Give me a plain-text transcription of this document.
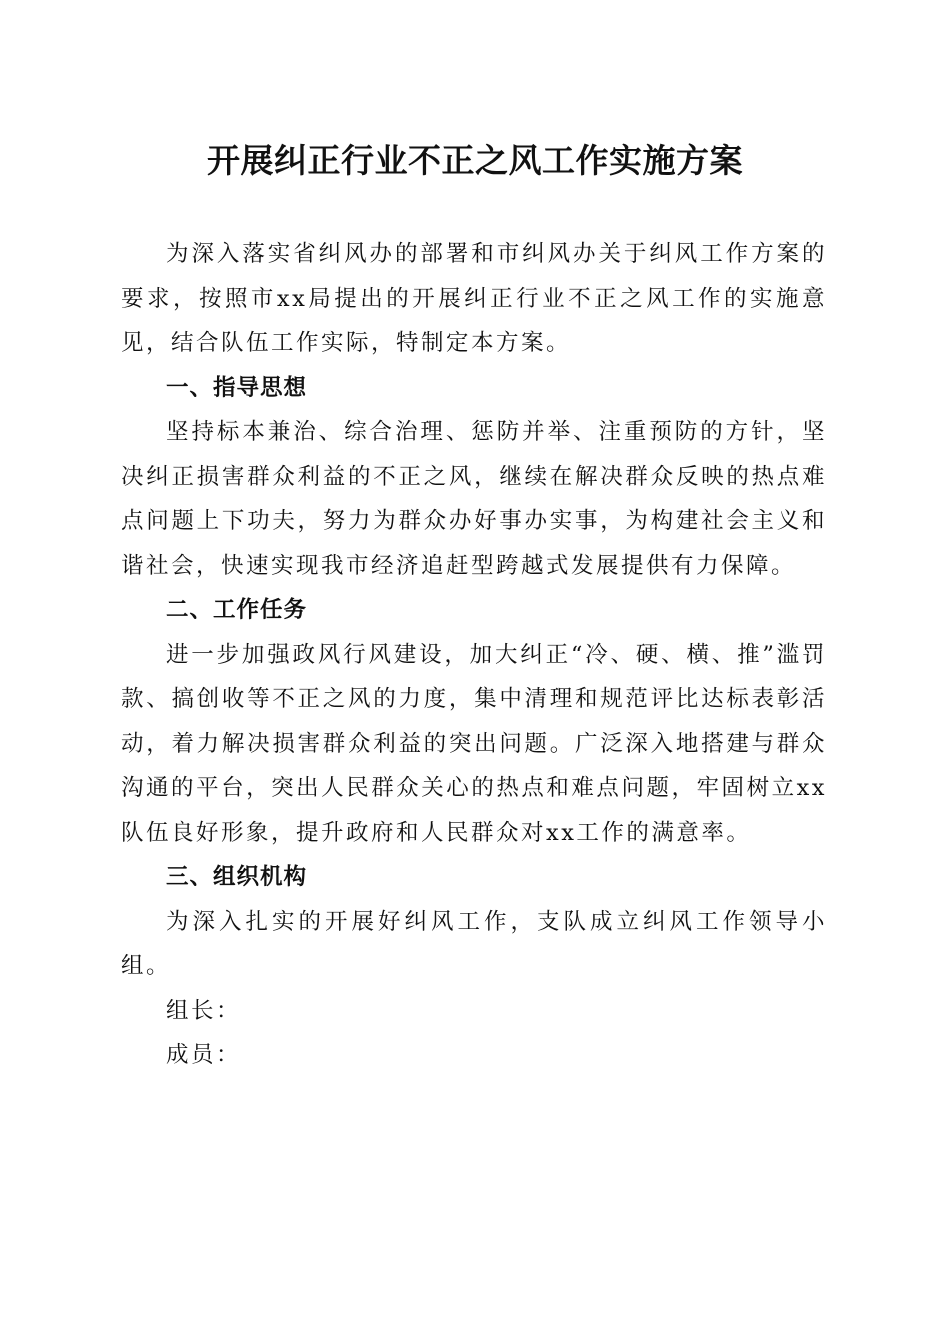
开展纠正行业不正之风工作实施方案

为深入落实省纠风办的部署和市纠风办关于纠风工作方案的要求，按照市xx局提出的开展纠正行业不正之风工作的实施意见，结合队伍工作实际，特制定本方案。

一、指导思想

坚持标本兼治、综合治理、惩防并举、注重预防的方针，坚决纠正损害群众利益的不正之风，继续在解决群众反映的热点难点问题上下功夫，努力为群众办好事办实事，为构建社会主义和谐社会，快速实现我市经济追赶型跨越式发展提供有力保障。

二、工作任务

进一步加强政风行风建设，加大纠正“冷、硬、横、推”滥罚款、搞创收等不正之风的力度，集中清理和规范评比达标表彰活动，着力解决损害群众利益的突出问题。广泛深入地搭建与群众沟通的平台，突出人民群众关心的热点和难点问题，牢固树立xx队伍良好形象，提升政府和人民群众对xx工作的满意率。

三、组织机构

为深入扎实的开展好纠风工作，支队成立纠风工作领导小组。

组长：

成员：
